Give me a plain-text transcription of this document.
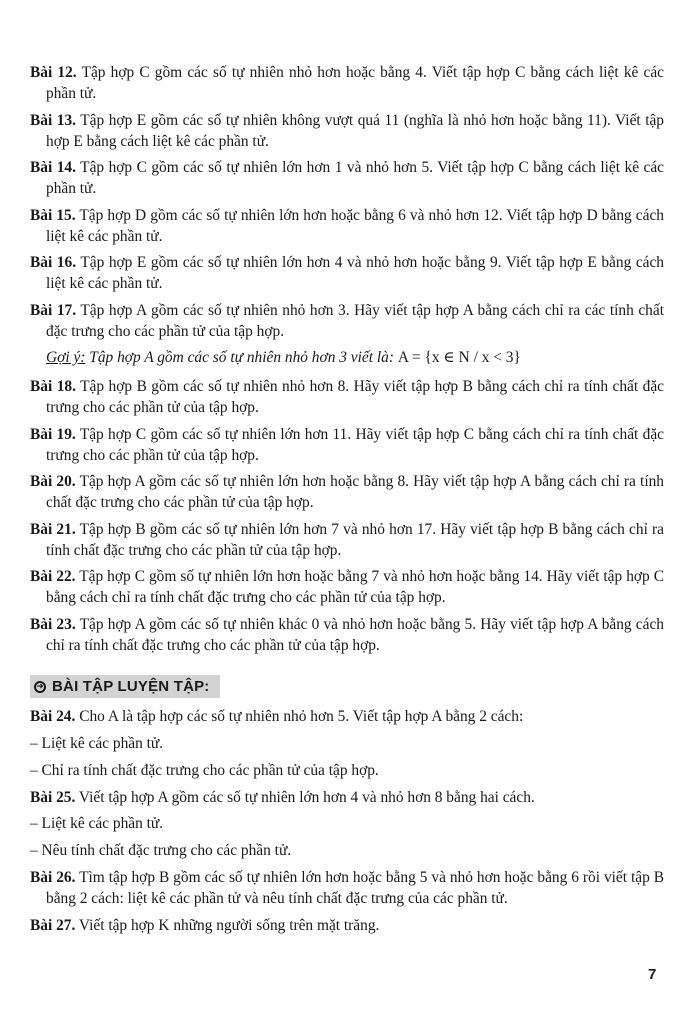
Bài 12. Tập hợp C gồm các số tự nhiên nhỏ hơn hoặc bằng 4. Viết tập hợp C bằng cách liệt kê các phần tử.

Bài 13. Tập hợp E gồm các số tự nhiên không vượt quá 11 (nghĩa là nhỏ hơn hoặc bằng 11). Viết tập hợp E bằng cách liệt kê các phần tử.

Bài 14. Tập hợp C gồm các số tự nhiên lớn hơn 1 và nhỏ hơn 5. Viết tập hợp C bằng cách liệt kê các phần tử.

Bài 15. Tập hợp D gồm các số tự nhiên lớn hơn hoặc bằng 6 và nhỏ hơn 12. Viết tập hợp D bằng cách liệt kê các phần tử.

Bài 16. Tập hợp E gồm các số tự nhiên lớn hơn 4 và nhỏ hơn hoặc bằng 9. Viết tập hợp E bằng cách liệt kê các phần tử.

Bài 17. Tập hợp A gồm các số tự nhiên nhỏ hơn 3. Hãy viết tập hợp A bằng cách chỉ ra các tính chất đặc trưng cho các phần tử của tập hợp.

Gợi ý: Tập hợp A gồm các số tự nhiên nhỏ hơn 3 viết là: A = {x ∈ N / x < 3}

Bài 18. Tập hợp B gồm các số tự nhiên nhỏ hơn 8. Hãy viết tập hợp B bằng cách chỉ ra tính chất đặc trưng cho các phần tử của tập hợp.

Bài 19. Tập hợp C gồm các số tự nhiên lớn hơn 11. Hãy viết tập hợp C bằng cách chỉ ra tính chất đặc trưng cho các phần tử của tập hợp.

Bài 20. Tập hợp A gồm các số tự nhiên lớn hơn hoặc bằng 8. Hãy viết tập hợp A bằng cách chỉ ra tính chất đặc trưng cho các phần tử của tập hợp.

Bài 21. Tập hợp B gồm các số tự nhiên lớn hơn 7 và nhỏ hơn 17. Hãy viết tập hợp B bằng cách chỉ ra tính chất đặc trưng cho các phần tử của tập hợp.

Bài 22. Tập hợp C gồm số tự nhiên lớn hơn hoặc bằng 7 và nhỏ hơn hoặc bằng 14. Hãy viết tập hợp C bằng cách chỉ ra tính chất đặc trưng cho các phần tử của tập hợp.

Bài 23. Tập hợp A gồm các số tự nhiên khác 0 và nhỏ hơn hoặc bằng 5. Hãy viết tập hợp A bằng cách chỉ ra tính chất đặc trưng cho các phần tử của tập hợp.

➜ BÀI TẬP LUYỆN TẬP:

Bài 24. Cho A là tập hợp các số tự nhiên nhỏ hơn 5. Viết tập hợp A bằng 2 cách:

– Liệt kê các phần tử.
– Chỉ ra tính chất đặc trưng cho các phần tử của tập hợp.

Bài 25. Viết tập hợp A gồm các số tự nhiên lớn hơn 4 và nhỏ hơn 8 bằng hai cách.

– Liệt kê các phần tử.
– Nêu tính chất đặc trưng cho các phần tử.

Bài 26. Tìm tập hợp B gồm các số tự nhiên lớn hơn hoặc bằng 5 và nhỏ hơn hoặc bằng 6 rồi viết tập B bằng 2 cách: liệt kê các phần tử và nêu tính chất đặc trưng của các phần tử.

Bài 27. Viết tập hợp K những người sống trên mặt trăng.

7
